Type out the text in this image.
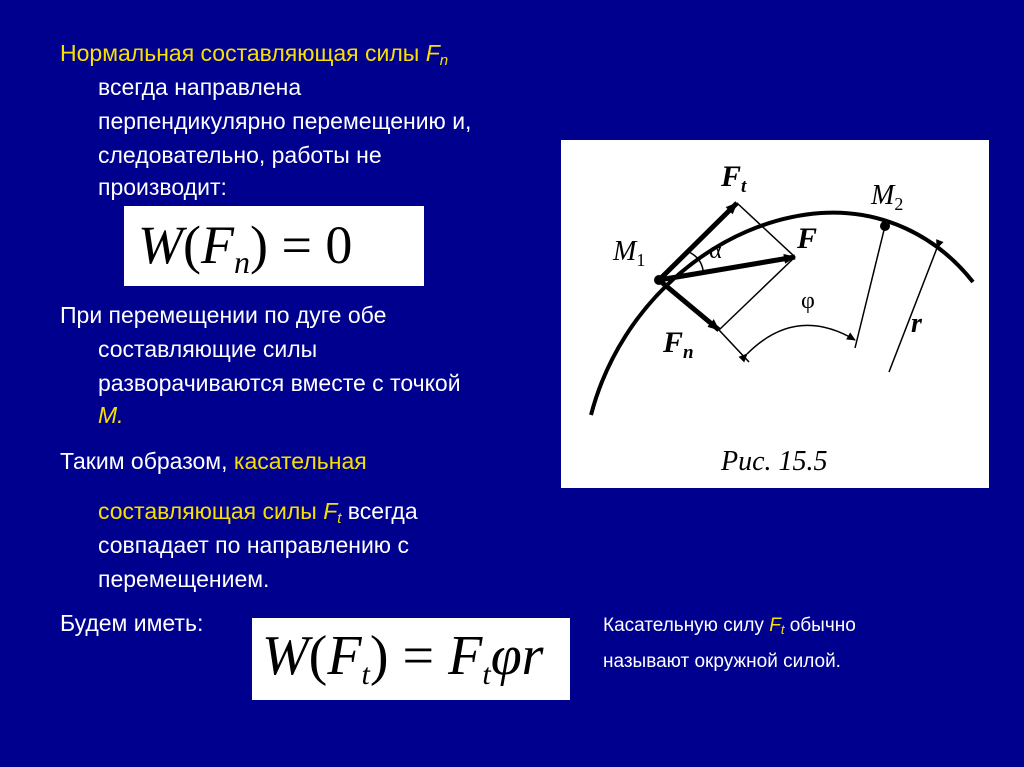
Нормальная составляющая силы $F_n$
всегда направлена
перпендикулярно перемещению и,
следовательно, работы не
производит:
$W(F_n) = 0$
При перемещении по дуге обе
составляющие силы
разворачиваются вместе с точкой
М.
Таким образом, касательная
составляющая силы $F_t$ всегда
совпадает по направлению с
перемещением.
Будем иметь:
$W(F_t) = F_t\varphi r$
$F_t$
F
$F_n$
$M_1$
$M_2$
α
φ
r
Рис. 15.5
Касательную силу $F_t$ обычно
называют окружной силой.
